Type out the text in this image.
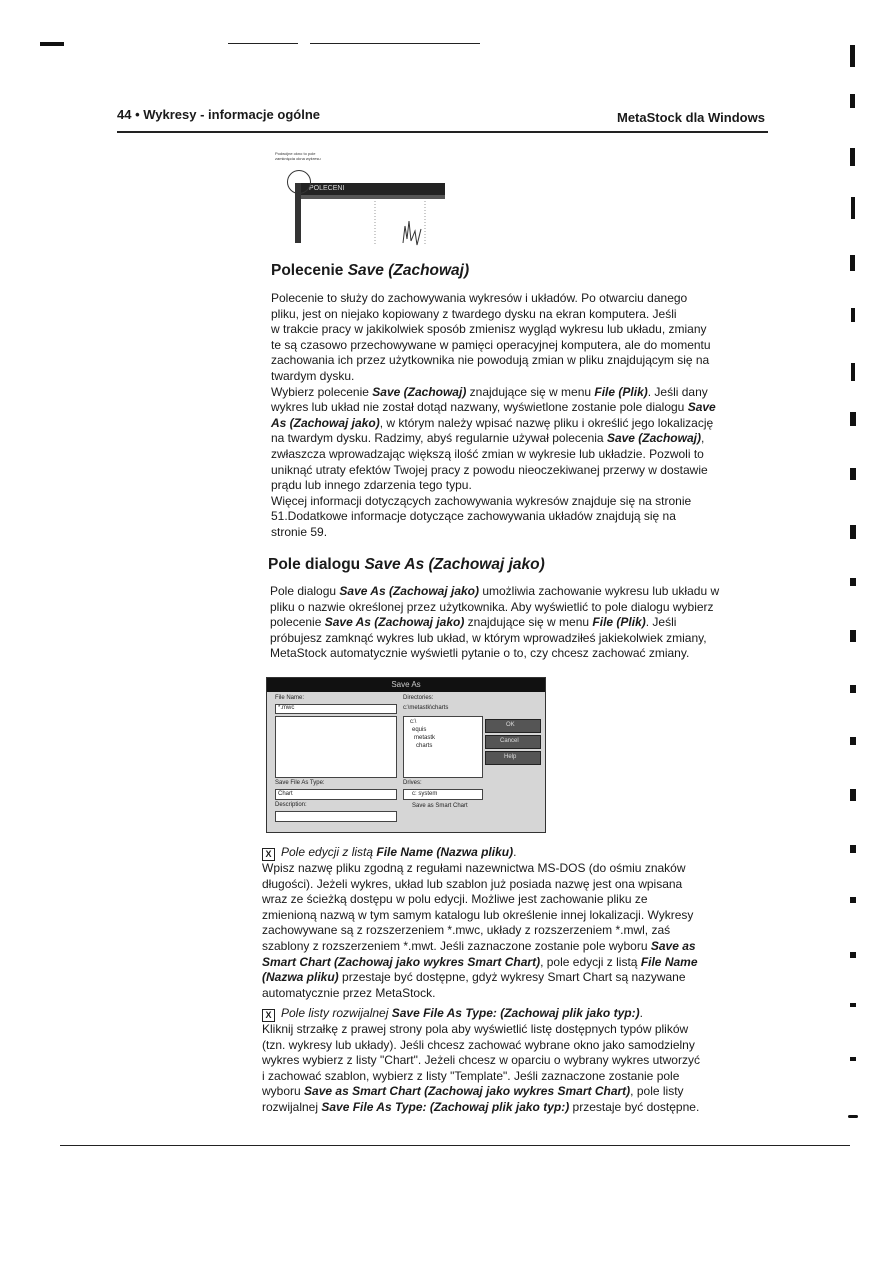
44 • Wykresy - informacje ogólne	MetaStock dla Windows
Podwójne okno to pole
zamknięcia okna wykresu
POLECENI
Polecenie Save (Zachowaj)

Polecenie to służy do zachowywania wykresów i układów. Po otwarciu danego

pliku, jest on niejako kopiowany z twardego dysku na ekran komputera. Jeśli

w trakcie pracy w jakikolwiek sposób zmienisz wygląd wykresu lub układu, zmiany

te są czasowo przechowywane w pamięci operacyjnej komputera, ale do momentu

zachowania ich przez użytkownika nie powodują zmian w pliku znajdującym się na

twardym dysku.

Wybierz polecenie Save (Zachowaj) znajdujące się w menu File (Plik). Jeśli dany

wykres lub układ nie został dotąd nazwany, wyświetlone zostanie pole dialogu Save

As (Zachowaj jako), w którym należy wpisać nazwę pliku i określić jego lokalizację

na twardym dysku. Radzimy, abyś regularnie używał polecenia Save (Zachowaj),

zwłaszcza wprowadzając większą ilość zmian w wykresie lub układzie. Pozwoli to

uniknąć utraty efektów Twojej pracy z powodu nieoczekiwanej przerwy w dostawie

prądu lub innego zdarzenia tego typu.

Więcej informacji dotyczących zachowywania wykresów znajduje się na stronie

51.Dodatkowe informacje dotyczące zachowywania układów znajdują się na

stronie 59.

Pole dialogu Save As (Zachowaj jako)

Pole dialogu Save As (Zachowaj jako) umożliwia zachowanie wykresu lub układu w

pliku o nazwie określonej przez użytkownika. Aby wyświetlić to pole dialogu wybierz

polecenie Save As (Zachowaj jako) znajdujące się w menu File (Plik). Jeśli

próbujesz zamknąć wykres lub układ, w którym wprowadziłeś jakiekolwiek zmiany,

MetaStock automatycznie wyświetli pytanie o to, czy chcesz zachować zmiany.

Save As
File Name:
*.mwc
Directories:
c:\metastk\charts
c:\
equis
metastk
charts
OK
Cancel
Help
Save File As Type:
Chart
Drives:
c: system
Description:	Save as Smart Chart

X Pole edycji z listą File Name (Nazwa pliku).

Wpisz nazwę pliku zgodną z regułami nazewnictwa MS-DOS (do ośmiu znaków

długości). Jeżeli wykres, układ lub szablon już posiada nazwę jest ona wpisana

wraz ze ścieżką dostępu w polu edycji. Możliwe jest zachowanie pliku ze

zmienioną nazwą w tym samym katalogu lub określenie innej lokalizacji. Wykresy

zachowywane są z rozszerzeniem *.mwc, układy z rozszerzeniem *.mwl, zaś

szablony z rozszerzeniem *.mwt. Jeśli zaznaczone zostanie pole wyboru Save as

Smart Chart (Zachowaj jako wykres Smart Chart), pole edycji z listą File Name

(Nazwa pliku) przestaje być dostępne, gdyż wykresy Smart Chart są nazywane

automatycznie przez MetaStock.

X Pole listy rozwijalnej Save File As Type: (Zachowaj plik jako typ:).

Kliknij strzałkę z prawej strony pola aby wyświetlić listę dostępnych typów plików

(tzn. wykresy lub układy). Jeśli chcesz zachować wybrane okno jako samodzielny

wykres wybierz z listy "Chart". Jeżeli chcesz w oparciu o wybrany wykres utworzyć

i zachować szablon, wybierz z listy "Template". Jeśli zaznaczone zostanie pole

wyboru Save as Smart Chart (Zachowaj jako wykres Smart Chart), pole listy

rozwijalnej Save File As Type: (Zachowaj plik jako typ:) przestaje być dostępne.
